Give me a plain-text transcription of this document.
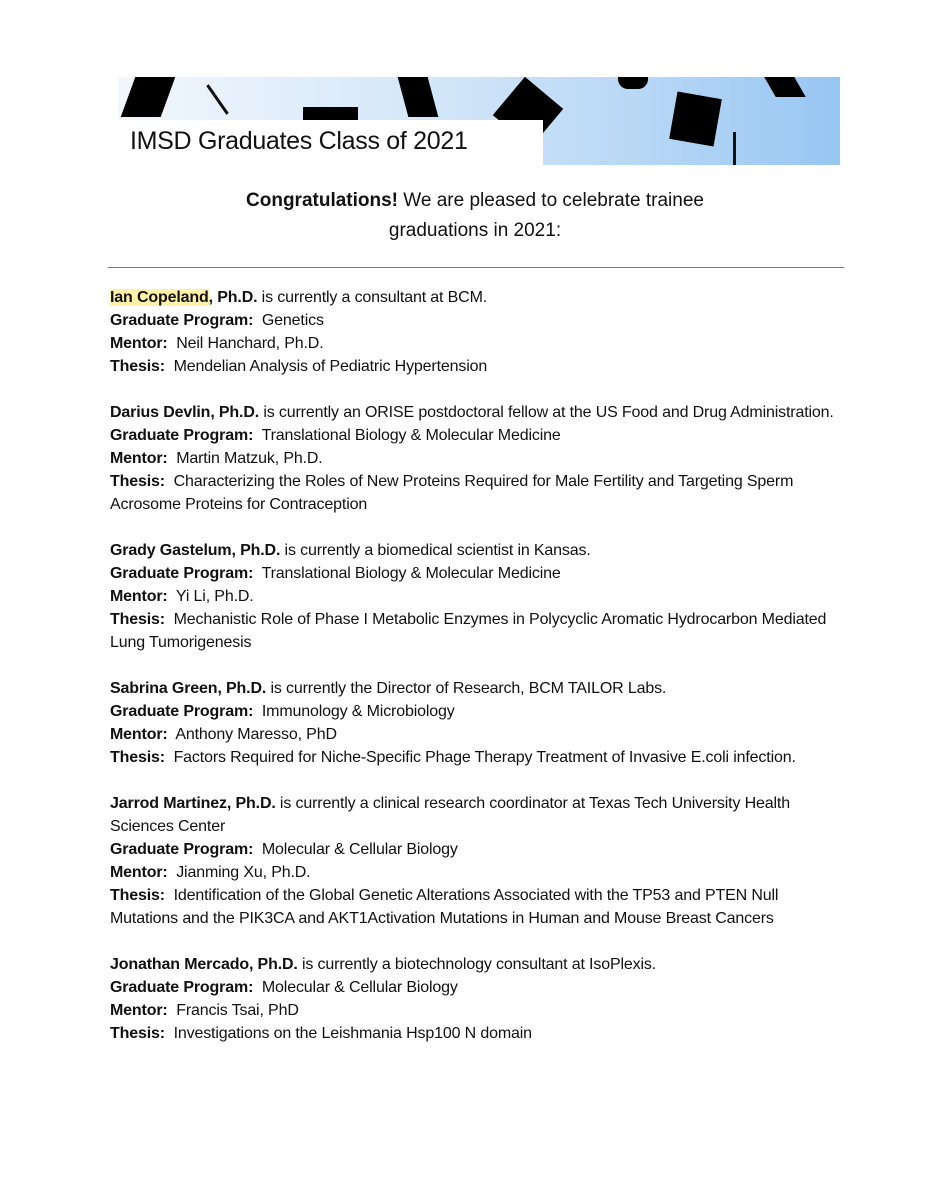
IMSD Graduates Class of 2021
Congratulations! We are pleased to celebrate trainee
graduations in 2021:
Ian Copeland, Ph.D. is currently a consultant at BCM.
Graduate Program: Genetics
Mentor: Neil Hanchard, Ph.D.
Thesis: Mendelian Analysis of Pediatric Hypertension
Darius Devlin, Ph.D. is currently an ORISE postdoctoral fellow at the US Food and Drug Administration.
Graduate Program: Translational Biology & Molecular Medicine
Mentor: Martin Matzuk, Ph.D.
Thesis: Characterizing the Roles of New Proteins Required for Male Fertility and Targeting Sperm Acrosome Proteins for Contraception
Grady Gastelum, Ph.D. is currently a biomedical scientist in Kansas.
Graduate Program: Translational Biology & Molecular Medicine
Mentor: Yi Li, Ph.D.
Thesis: Mechanistic Role of Phase I Metabolic Enzymes in Polycyclic Aromatic Hydrocarbon Mediated Lung Tumorigenesis
Sabrina Green, Ph.D. is currently the Director of Research, BCM TAILOR Labs.
Graduate Program: Immunology & Microbiology
Mentor: Anthony Maresso, PhD
Thesis: Factors Required for Niche-Specific Phage Therapy Treatment of Invasive E.coli infection.
Jarrod Martinez, Ph.D. is currently a clinical research coordinator at Texas Tech University Health Sciences Center
Graduate Program: Molecular & Cellular Biology
Mentor: Jianming Xu, Ph.D.
Thesis: Identification of the Global Genetic Alterations Associated with the TP53 and PTEN Null Mutations and the PIK3CA and AKT1Activation Mutations in Human and Mouse Breast Cancers
Jonathan Mercado, Ph.D. is currently a biotechnology consultant at IsoPlexis.
Graduate Program: Molecular & Cellular Biology
Mentor: Francis Tsai, PhD
Thesis: Investigations on the Leishmania Hsp100 N domain
